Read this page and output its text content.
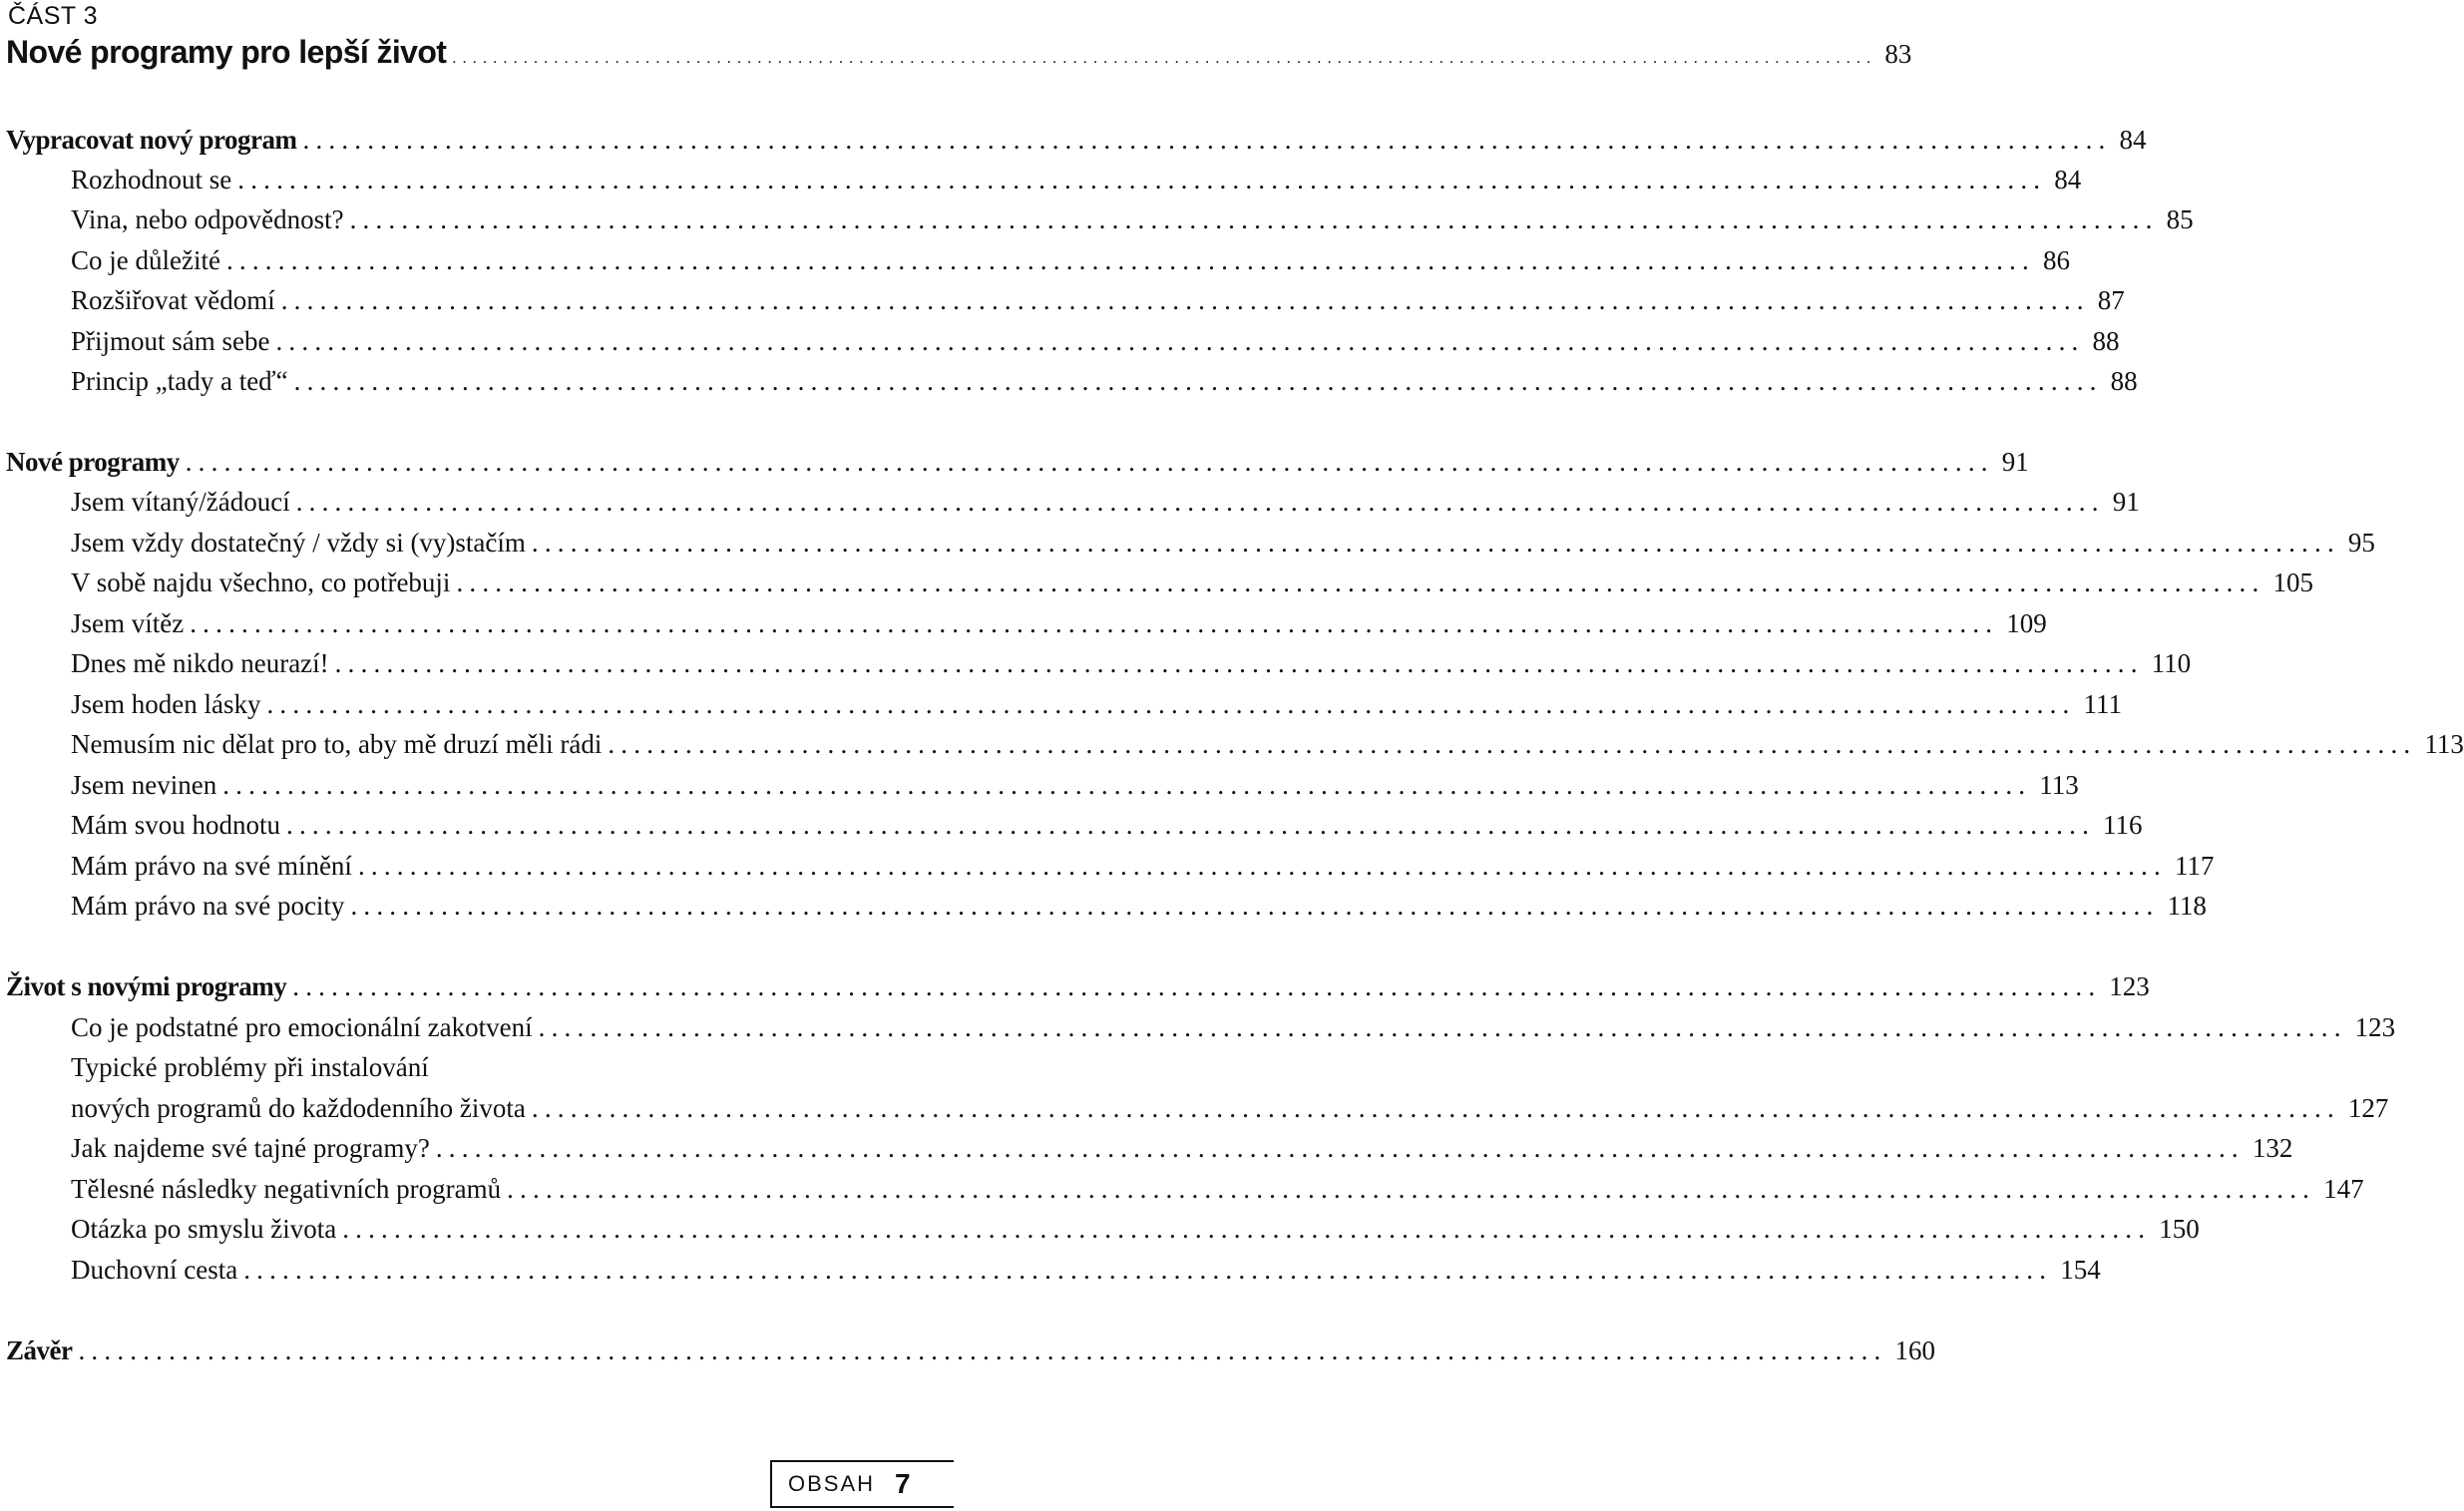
ČÁST 3
Nové programy pro lepší život ............................................................................................................................................ 83
Vypracovat nový program ............................................................................................................................................ 84
Rozhodnout se ............................................................................................................................................ 84
Vina, nebo odpovědnost? ............................................................................................................................................ 85
Co je důležité ............................................................................................................................................ 86
Rozšiřovat vědomí ............................................................................................................................................ 87
Přijmout sám sebe ............................................................................................................................................ 88
Princip „tady a teď“ ............................................................................................................................................ 88
Nové programy ............................................................................................................................................ 91
Jsem vítaný/žádoucí ............................................................................................................................................ 91
Jsem vždy dostatečný / vždy si (vy)stačím ............................................................................................................................................ 95
V sobě najdu všechno, co potřebuji ............................................................................................................................................ 105
Jsem vítěz ............................................................................................................................................ 109
Dnes mě nikdo neurazí! ............................................................................................................................................ 110
Jsem hoden lásky ............................................................................................................................................ 111
Nemusím nic dělat pro to, aby mě druzí měli rádi ............................................................................................................................................ 113
Jsem nevinen ............................................................................................................................................ 113
Mám svou hodnotu ............................................................................................................................................ 116
Mám právo na své mínění ............................................................................................................................................ 117
Mám právo na své pocity ............................................................................................................................................ 118
Život s novými programy ............................................................................................................................................ 123
Co je podstatné pro emocionální zakotvení ............................................................................................................................................ 123
Typické problémy při instalování
nových programů do každodenního života ............................................................................................................................................ 127
Jak najdeme své tajné programy? ............................................................................................................................................ 132
Tělesné následky negativních programů ............................................................................................................................................ 147
Otázka po smyslu života ............................................................................................................................................ 150
Duchovní cesta ............................................................................................................................................ 154
Závěr ............................................................................................................................................ 160
OBSAH 7
